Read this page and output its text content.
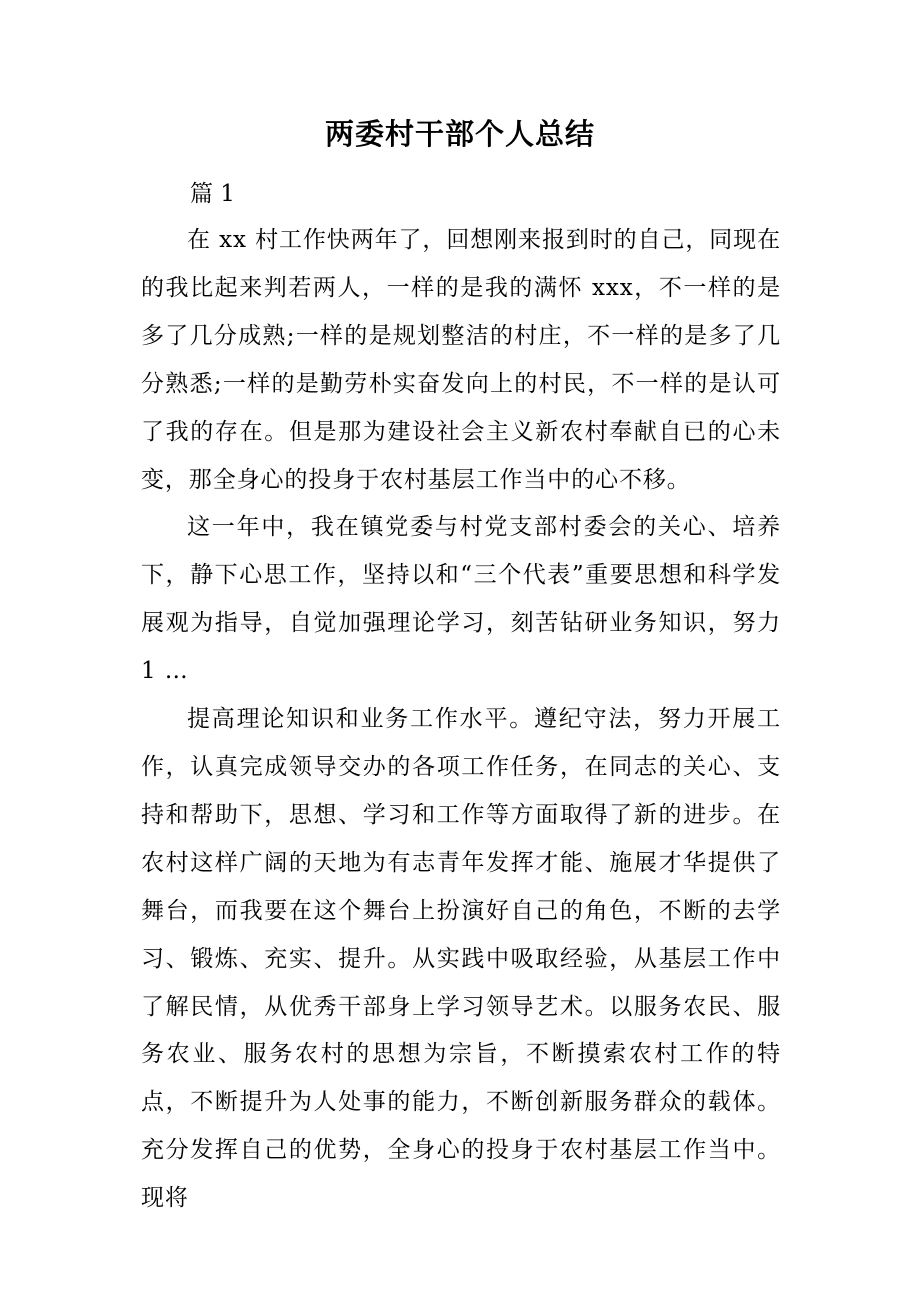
两委村干部个人总结

篇 1

在 xx 村工作快两年了，回想刚来报到时的自己，同现在的我比起来判若两人，一样的是我的满怀 xxx，不一样的是多了几分成熟;一样的是规划整洁的村庄，不一样的是多了几分熟悉;一样的是勤劳朴实奋发向上的村民，不一样的是认可了我的存在。但是那为建设社会主义新农村奉献自已的心未变，那全身心的投身于农村基层工作当中的心不移。

这一年中，我在镇党委与村党支部村委会的关心、培养下，静下心思工作，坚持以和“三个代表”重要思想和科学发展观为指导，自觉加强理论学习，刻苦钻研业务知识，努力 1 …

提高理论知识和业务工作水平。遵纪守法，努力开展工作，认真完成领导交办的各项工作任务，在同志的关心、支持和帮助下，思想、学习和工作等方面取得了新的进步。在农村这样广阔的天地为有志青年发挥才能、施展才华提供了舞台，而我要在这个舞台上扮演好自己的角色，不断的去学习、锻炼、充实、提升。从实践中吸取经验，从基层工作中了解民情，从优秀干部身上学习领导艺术。以服务农民、服务农业、服务农村的思想为宗旨，不断摸索农村工作的特点，不断提升为人处事的能力，不断创新服务群众的载体。充分发挥自己的优势，全身心的投身于农村基层工作当中。现将
